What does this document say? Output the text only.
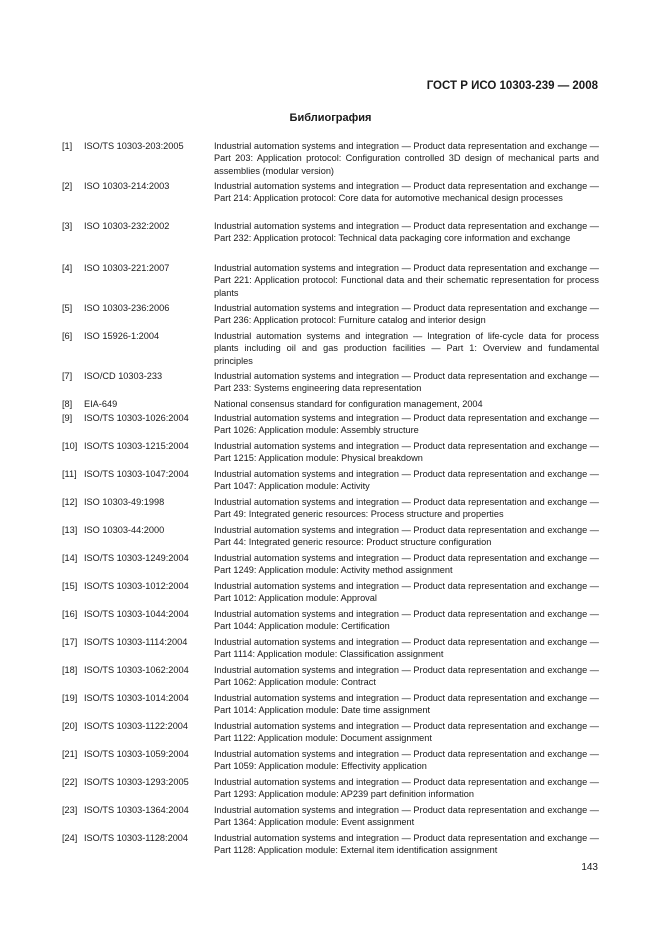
ГОСТ Р ИСО 10303-239 — 2008
Библиография
[1] ISO/TS 10303-203:2005	Industrial automation systems and integration — Product data representation and exchange — Part 203: Application protocol: Configuration controlled 3D design of mechanical parts and assemblies (modular version)
[2] ISO 10303-214:2003	Industrial automation systems and integration — Product data representation and exchange — Part 214: Application protocol: Core data for automotive mechanical design processes
[3] ISO 10303-232:2002	Industrial automation systems and integration — Product data representation and exchange — Part 232: Application protocol: Technical data packaging core information and exchange
[4] ISO 10303-221:2007	Industrial automation systems and integration — Product data representation and exchange — Part 221: Application protocol: Functional data and their schematic representation for process plants
[5] ISO 10303-236:2006	Industrial automation systems and integration — Product data representation and exchange — Part 236: Application protocol: Furniture catalog and interior design
[6] ISO 15926-1:2004	Industrial automation systems and integration — Integration of life-cycle data for process plants including oil and gas production facilities — Part 1: Overview and fundamental principles
[7] ISO/CD 10303-233	Industrial automation systems and integration — Product data representation and exchange — Part 233: Systems engineering data representation
[8] EIA-649	National consensus standard for configuration management, 2004
[9] ISO/TS 10303-1026:2004	Industrial automation systems and integration — Product data representation and exchange — Part 1026: Application module: Assembly structure
[10] ISO/TS 10303-1215:2004	Industrial automation systems and integration — Product data representation and exchange — Part 1215: Application module: Physical breakdown
[11] ISO/TS 10303-1047:2004	Industrial automation systems and integration — Product data representation and exchange — Part 1047: Application module: Activity
[12] ISO 10303-49:1998	Industrial automation systems and integration — Product data representation and exchange — Part 49: Integrated generic resources: Process structure and properties
[13] ISO 10303-44:2000	Industrial automation systems and integration — Product data representation and exchange — Part 44: Integrated generic resource: Product structure configuration
[14] ISO/TS 10303-1249:2004	Industrial automation systems and integration — Product data representation and exchange — Part 1249: Application module: Activity method assignment
[15] ISO/TS 10303-1012:2004	Industrial automation systems and integration — Product data representation and exchange — Part 1012: Application module: Approval
[16] ISO/TS 10303-1044:2004	Industrial automation systems and integration — Product data representation and exchange — Part 1044: Application module: Certification
[17] ISO/TS 10303-1114:2004	Industrial automation systems and integration — Product data representation and exchange — Part 1114: Application module: Classification assignment
[18] ISO/TS 10303-1062:2004	Industrial automation systems and integration — Product data representation and exchange — Part 1062: Application module: Contract
[19] ISO/TS 10303-1014:2004	Industrial automation systems and integration — Product data representation and exchange — Part 1014: Application module: Date time assignment
[20] ISO/TS 10303-1122:2004	Industrial automation systems and integration — Product data representation and exchange — Part 1122: Application module: Document assignment
[21] ISO/TS 10303-1059:2004	Industrial automation systems and integration — Product data representation and exchange — Part 1059: Application module: Effectivity application
[22] ISO/TS 10303-1293:2005	Industrial automation systems and integration — Product data representation and exchange — Part 1293: Application module: AP239 part definition information
[23] ISO/TS 10303-1364:2004	Industrial automation systems and integration — Product data representation and exchange — Part 1364: Application module: Event assignment
[24] ISO/TS 10303-1128:2004	Industrial automation systems and integration — Product data representation and exchange — Part 1128: Application module: External item identification assignment
143
